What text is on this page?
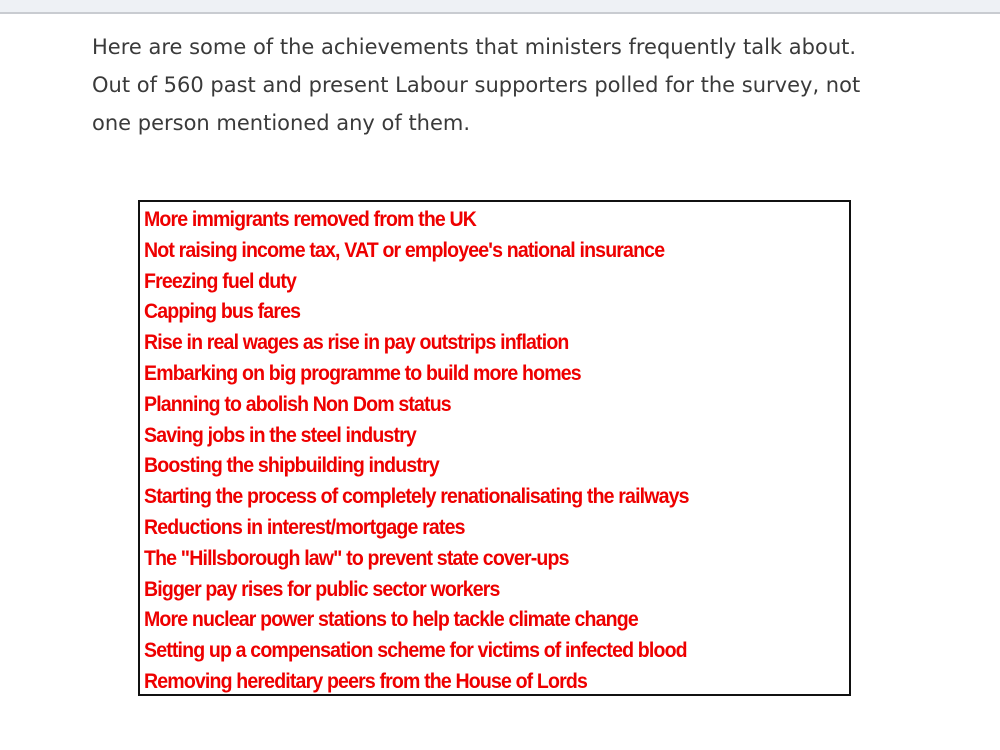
Here are some of the achievements that ministers frequently talk about.
Out of 560 past and present Labour supporters polled for the survey, not
one person mentioned any of them.

More immigrants removed from the UK
Not raising income tax, VAT or employee's national insurance
Freezing fuel duty
Capping bus fares
Rise in real wages as rise in pay outstrips inflation
Embarking on big programme to build more homes
Planning to abolish Non Dom status
Saving jobs in the steel industry
Boosting the shipbuilding industry
Starting the process of completely renationalisating the railways
Reductions in interest/mortgage rates
The "Hillsborough law" to prevent state cover-ups
Bigger pay rises for public sector workers
More nuclear power stations to help tackle climate change
Setting up a compensation scheme for victims of infected blood
Removing hereditary peers from the House of Lords
